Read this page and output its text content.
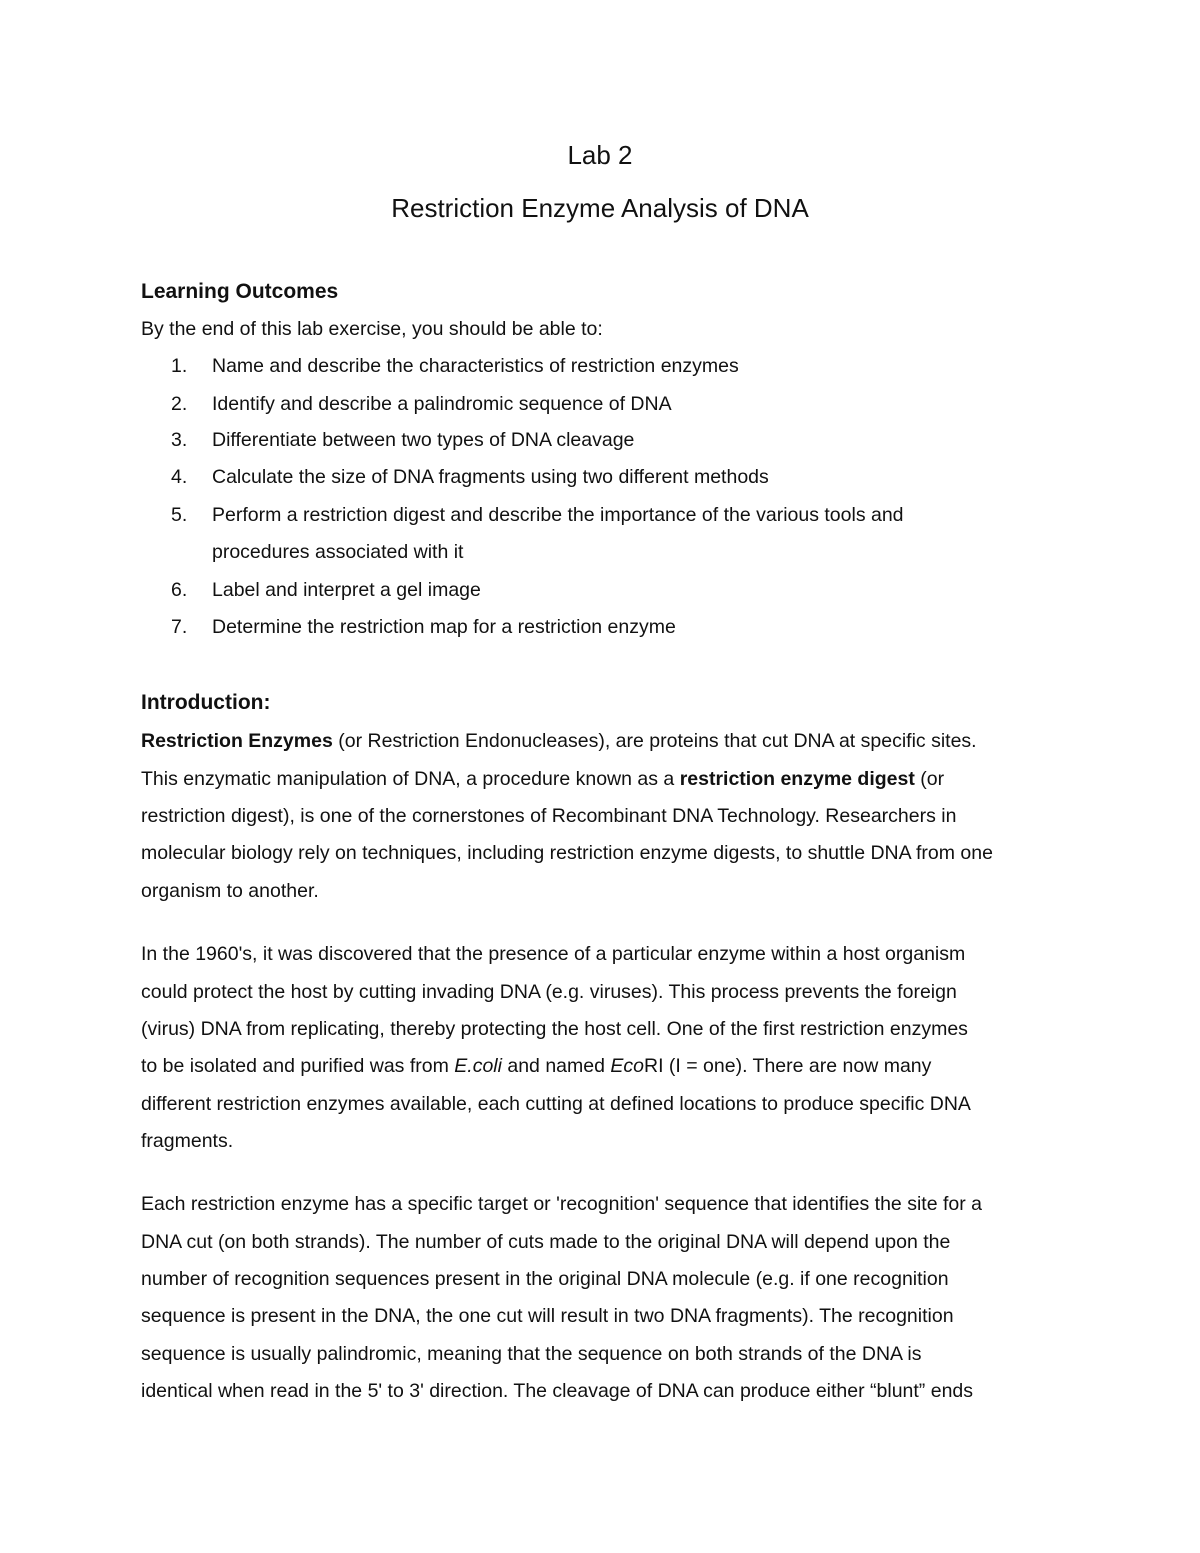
Lab 2
Restriction Enzyme Analysis of DNA
Learning Outcomes

By the end of this lab exercise, you should be able to:

1. Name and describe the characteristics of restriction enzymes

2. Identify and describe a palindromic sequence of DNA

3. Differentiate between two types of DNA cleavage

4. Calculate the size of DNA fragments using two different methods

5. Perform a restriction digest and describe the importance of the various tools and

procedures associated with it

6. Label and interpret a gel image

7. Determine the restriction map for a restriction enzyme

Introduction:

Restriction Enzymes (or Restriction Endonucleases), are proteins that cut DNA at specific sites.

This enzymatic manipulation of DNA, a procedure known as a restriction enzyme digest (or

restriction digest), is one of the cornerstones of Recombinant DNA Technology. Researchers in

molecular biology rely on techniques, including restriction enzyme digests, to shuttle DNA from one

organism to another.

In the 1960's, it was discovered that the presence of a particular enzyme within a host organism

could protect the host by cutting invading DNA (e.g. viruses). This process prevents the foreign

(virus) DNA from replicating, thereby protecting the host cell. One of the first restriction enzymes

to be isolated and purified was from E.coli and named EcoRI (I = one). There are now many

different restriction enzymes available, each cutting at defined locations to produce specific DNA

fragments.

Each restriction enzyme has a specific target or 'recognition' sequence that identifies the site for a

DNA cut (on both strands). The number of cuts made to the original DNA will depend upon the

number of recognition sequences present in the original DNA molecule (e.g. if one recognition

sequence is present in the DNA, the one cut will result in two DNA fragments). The recognition

sequence is usually palindromic, meaning that the sequence on both strands of the DNA is

identical when read in the 5' to 3' direction. The cleavage of DNA can produce either “blunt” ends
